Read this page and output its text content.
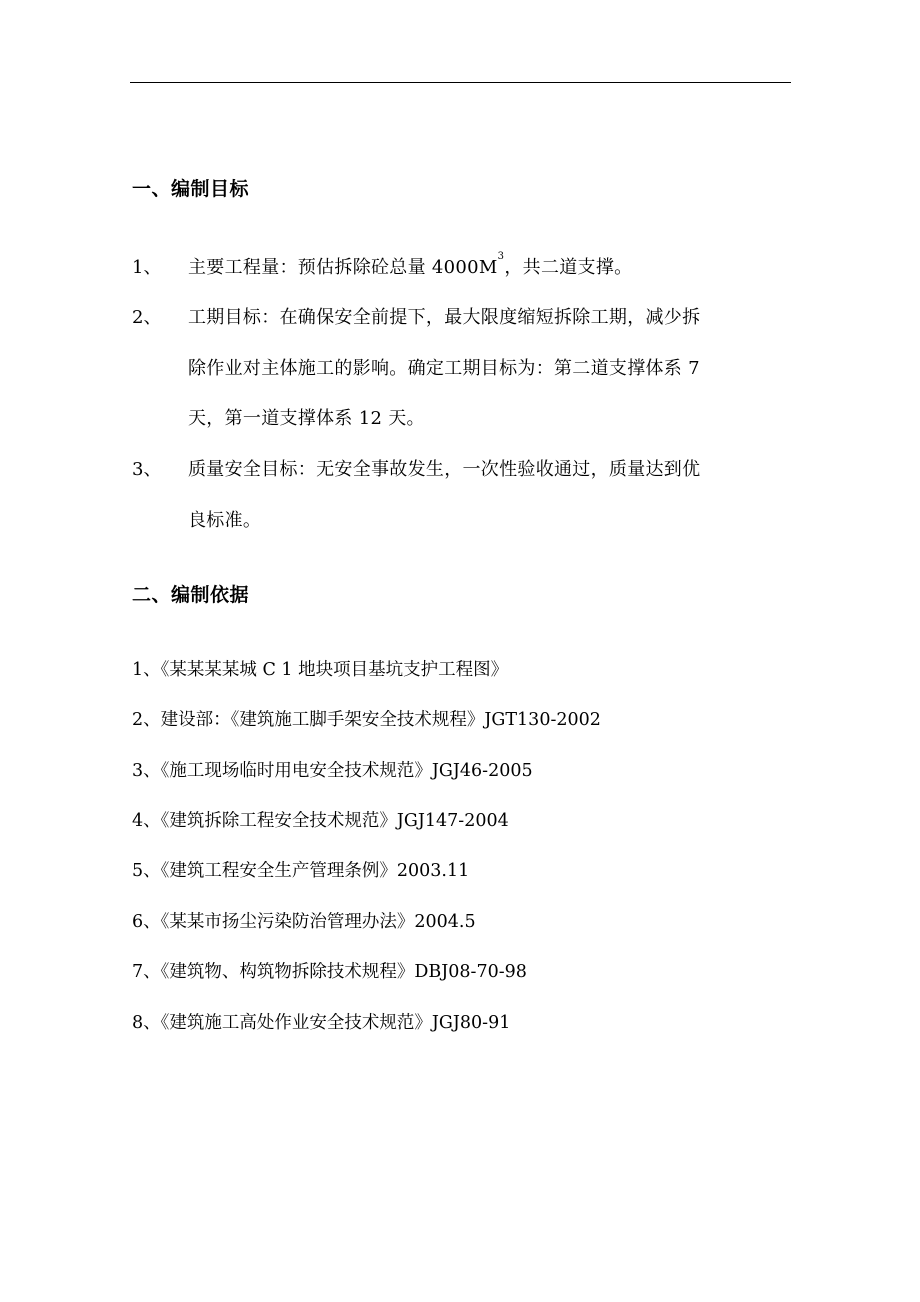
一、编制目标
1、 主要工程量：预估拆除砼总量 $4000M^3$，共二道支撑。
2、 工期目标：在确保安全前提下，最大限度缩短拆除工期，减少拆
除作业对主体施工的影响。确定工期目标为：第二道支撑体系 7
天，第一道支撑体系 12 天。
3、 质量安全目标：无安全事故发生，一次性验收通过，质量达到优
良标准。
二、编制依据
1、《某某某某城 C 1 地块项目基坑支护工程图》
2、建设部：《建筑施工脚手架安全技术规程》JGT130-2002
3、《施工现场临时用电安全技术规范》JGJ46-2005
4、《建筑拆除工程安全技术规范》JGJ147-2004
5、《建筑工程安全生产管理条例》2003.11
6、《某某市扬尘污染防治管理办法》2004.5
7、《建筑物、构筑物拆除技术规程》DBJ08-70-98
8、《建筑施工高处作业安全技术规范》JGJ80-91
